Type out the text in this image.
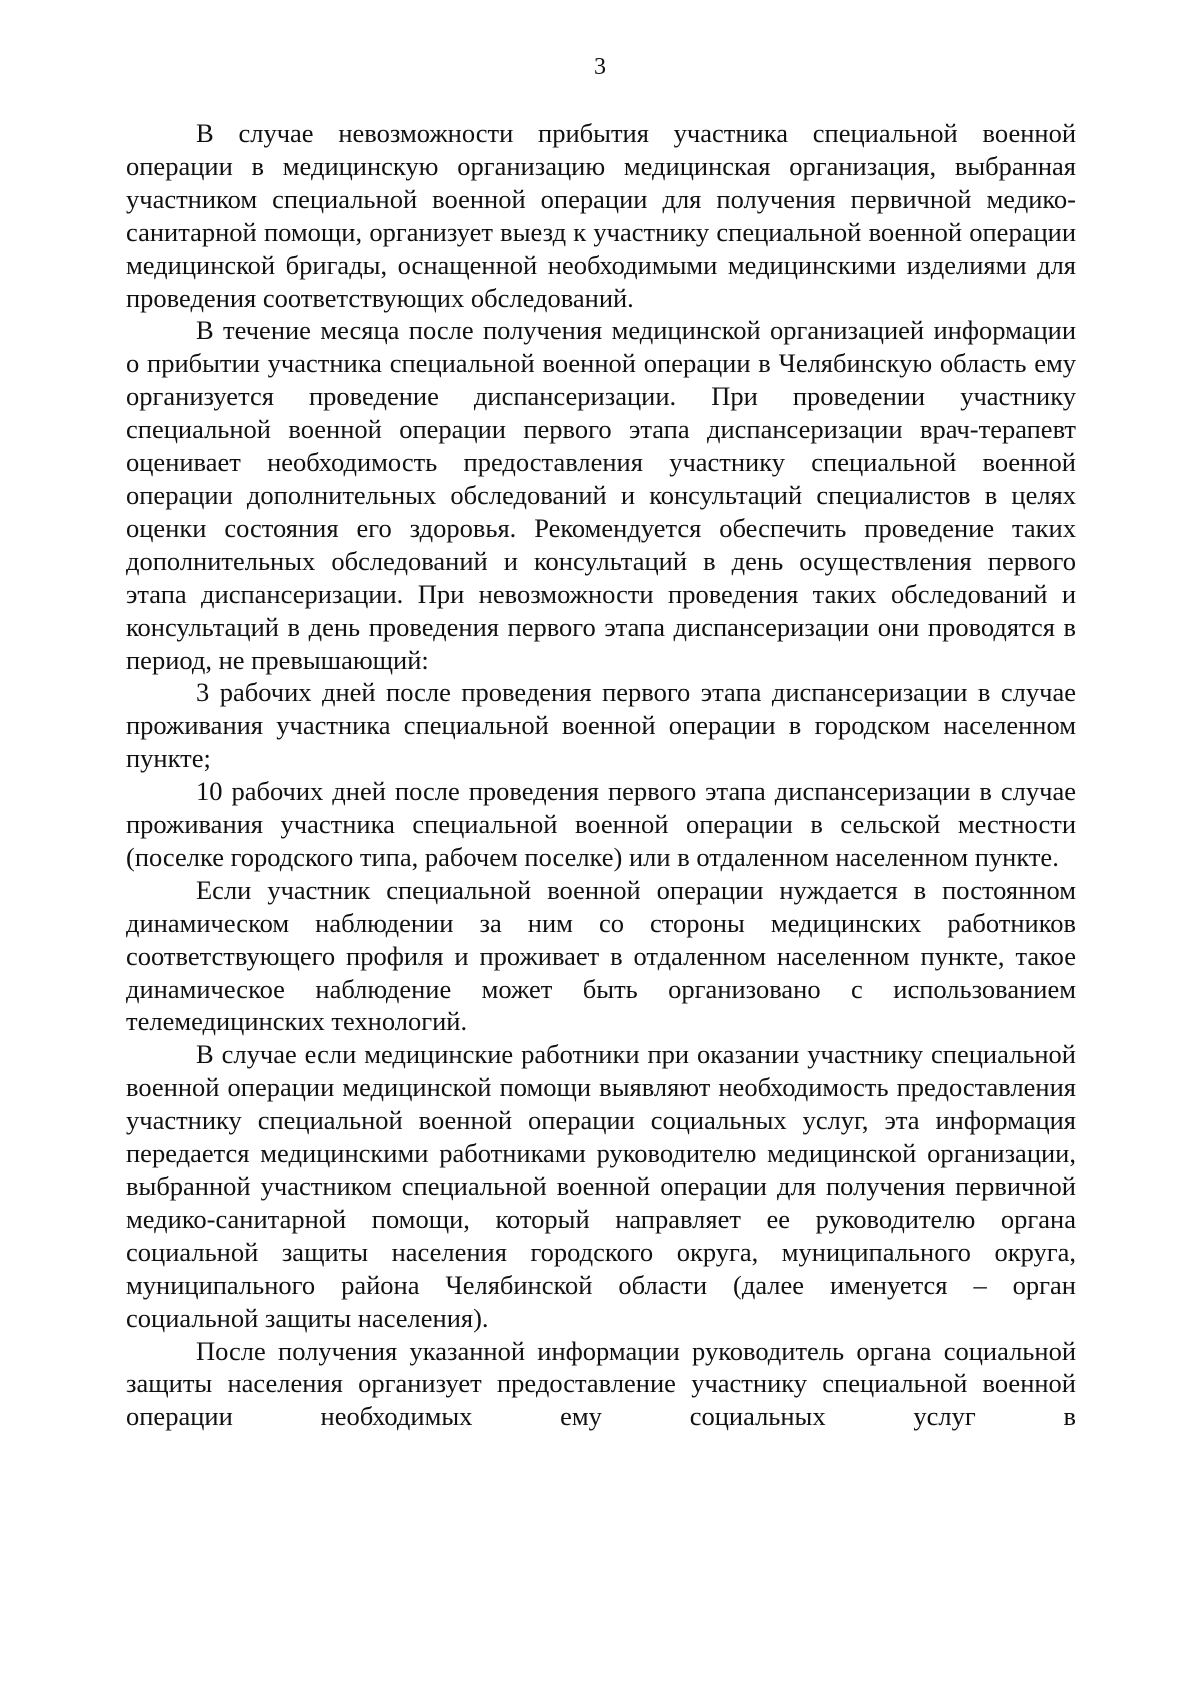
3

В случае невозможности прибытия участника специальной военной операции в медицинскую организацию медицинская организация, выбранная участником специальной военной операции для получения первичной медико-санитарной помощи, организует выезд к участнику специальной военной операции медицинской бригады, оснащенной необходимыми медицинскими изделиями для проведения соответствующих обследований.

В течение месяца после получения медицинской организацией информации о прибытии участника специальной военной операции в Челябинскую область ему организуется проведение диспансеризации. При проведении участнику специальной военной операции первого этапа диспансеризации врач-терапевт оценивает необходимость предоставления участнику специальной военной операции дополнительных обследований и консультаций специалистов в целях оценки состояния его здоровья. Рекомендуется обеспечить проведение таких дополнительных обследований и консультаций в день осуществления первого этапа диспансеризации. При невозможности проведения таких обследований и консультаций в день проведения первого этапа диспансеризации они проводятся в период, не превышающий:

3 рабочих дней после проведения первого этапа диспансеризации в случае проживания участника специальной военной операции в городском населенном пункте;

10 рабочих дней после проведения первого этапа диспансеризации в случае проживания участника специальной военной операции в сельской местности (поселке городского типа, рабочем поселке) или в отдаленном населенном пункте.

Если участник специальной военной операции нуждается в постоянном динамическом наблюдении за ним со стороны медицинских работников соответствующего профиля и проживает в отдаленном населенном пункте, такое динамическое наблюдение может быть организовано с использованием телемедицинских технологий.

В случае если медицинские работники при оказании участнику специальной военной операции медицинской помощи выявляют необходимость предоставления участнику специальной военной операции социальных услуг, эта информация передается медицинскими работниками руководителю медицинской организации, выбранной участником специальной военной операции для получения первичной медико-санитарной помощи, который направляет ее руководителю органа социальной защиты населения городского округа, муниципального округа, муниципального района Челябинской области (далее именуется – орган социальной защиты населения).

После получения указанной информации руководитель органа социальной защиты населения организует предоставление участнику специальной военной операции необходимых ему социальных услуг в
